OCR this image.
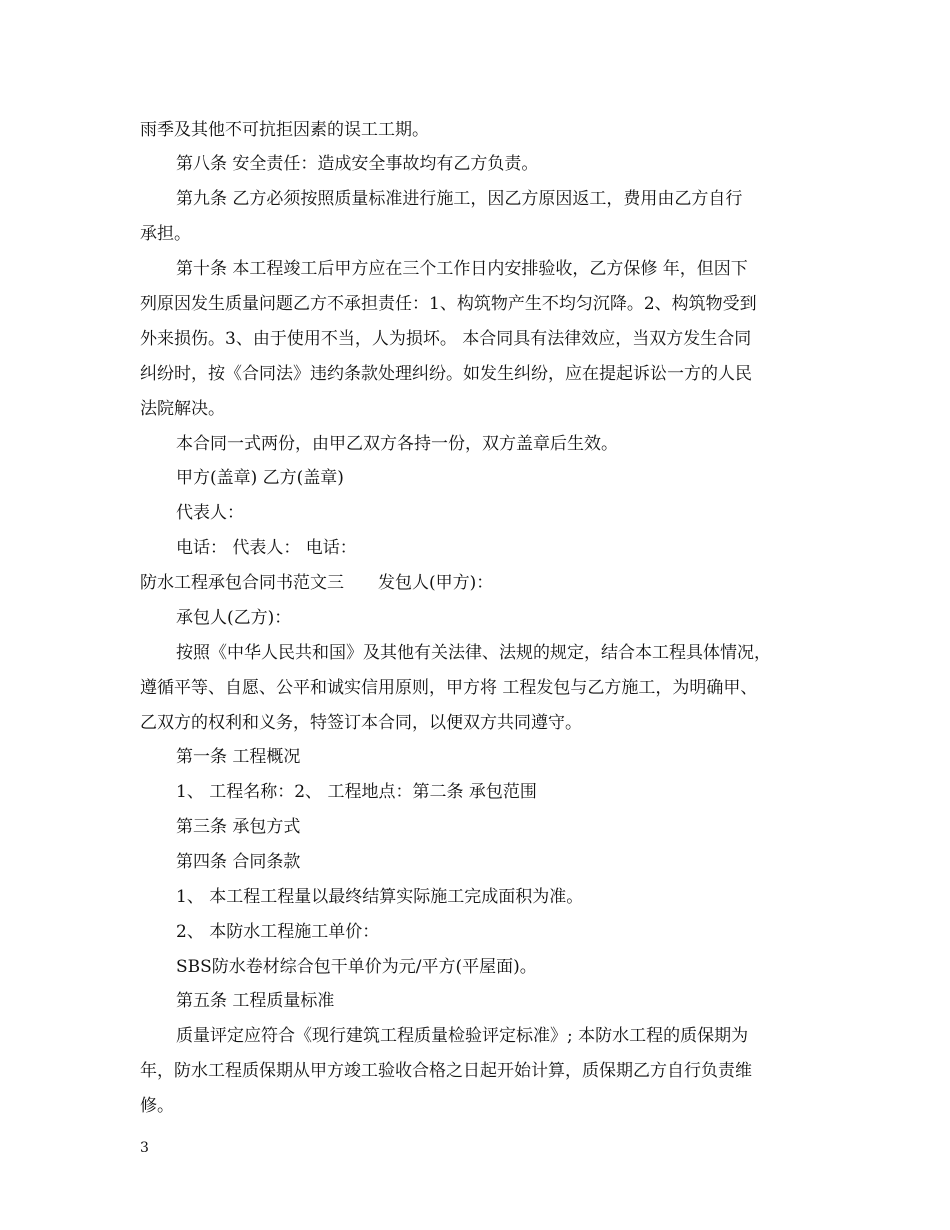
雨季及其他不可抗拒因素的误工工期。
第八条 安全责任：造成安全事故均有乙方负责。
第九条 乙方必须按照质量标准进行施工，因乙方原因返工，费用由乙方自行
承担。
第十条 本工程竣工后甲方应在三个工作日内安排验收，乙方保修 年，但因下
列原因发生质量问题乙方不承担责任：1、构筑物产生不均匀沉降。2、构筑物受到
外来损伤。3、由于使用不当，人为损坏。 本合同具有法律效应，当双方发生合同
纠纷时，按《合同法》违约条款处理纠纷。如发生纠纷，应在提起诉讼一方的人民
法院解决。
本合同一式两份，由甲乙双方各持一份，双方盖章后生效。
甲方(盖章) 乙方(盖章)
代表人：
电话： 代表人： 电话：
防水工程承包合同书范文三 发包人(甲方)：
承包人(乙方)：
按照《中华人民共和国》及其他有关法律、法规的规定，结合本工程具体情况，
遵循平等、自愿、公平和诚实信用原则，甲方将 工程发包与乙方施工，为明确甲、
乙双方的权利和义务，特签订本合同，以便双方共同遵守。
第一条 工程概况
1、 工程名称：2、 工程地点：第二条 承包范围
第三条 承包方式
第四条 合同条款
1、 本工程工程量以最终结算实际施工完成面积为准。
2、 本防水工程施工单价：
SBS防水卷材综合包干单价为元/平方(平屋面)。
第五条 工程质量标准
质量评定应符合《现行建筑工程质量检验评定标准》; 本防水工程的质保期为
年，防水工程质保期从甲方竣工验收合格之日起开始计算，质保期乙方自行负责维
修。
3
